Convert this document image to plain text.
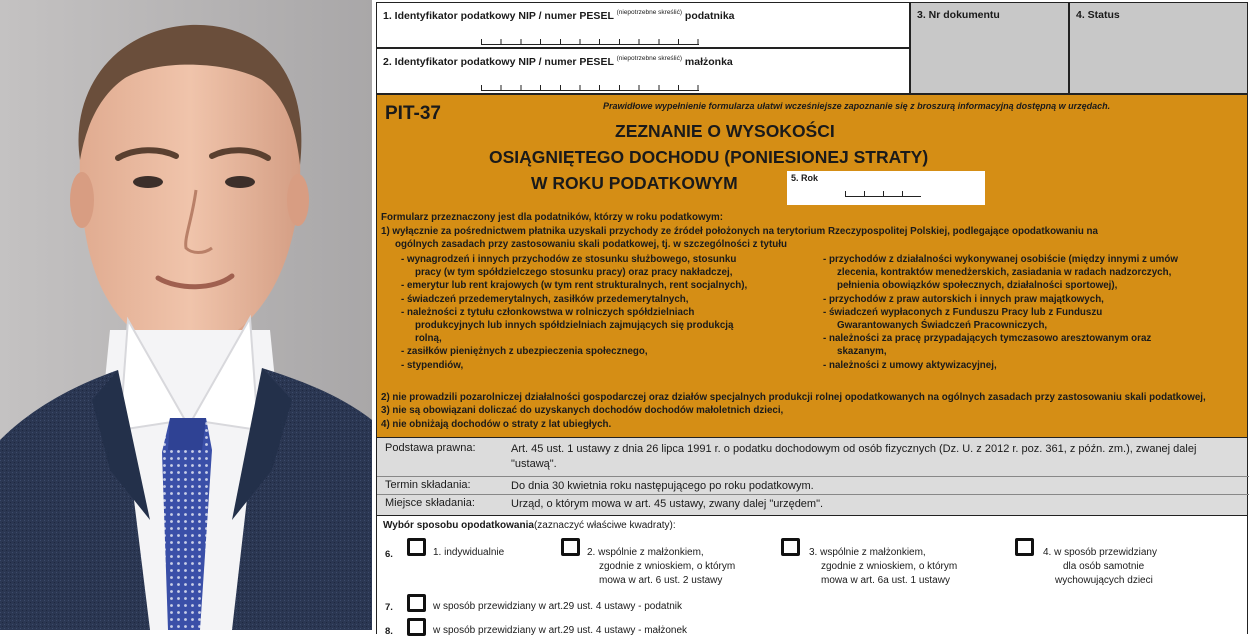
1. Identyfikator podatkowy NIP / numer PESEL $^{(niepotrzebne skreślić)}$ podatnika
2. Identyfikator podatkowy NIP / numer PESEL $^{(niepotrzebne skreślić)}$ małżonka
3. Nr dokumentu	4. Status
PIT-37	Prawidłowe wypełnienie formularza ułatwi wcześniejsze zapoznanie się z broszurą informacyjną dostępną w urzędach.
ZEZNANIE O WYSOKOŚCI
OSIĄGNIĘTEGO DOCHODU (PONIESIONEJ STRATY)
W ROKU PODATKOWYM	5. Rok
Formularz przeznaczony jest dla podatników, którzy w roku podatkowym:
1) wyłącznie za pośrednictwem płatnika uzyskali przychody ze źródeł położonych na terytorium Rzeczypospolitej Polskiej, podlegające opodatkowaniu na
ogólnych zasadach przy zastosowaniu skali podatkowej, tj. w szczególności z tytułu
- wynagrodzeń i innych przychodów ze stosunku służbowego, stosunku
pracy (w tym spółdzielczego stosunku pracy) oraz pracy nakładczej,
- emerytur lub rent krajowych (w tym rent strukturalnych, rent socjalnych),
- świadczeń przedemerytalnych, zasiłków przedemerytalnych,
- należności z tytułu członkowstwa w rolniczych spółdzielniach
produkcyjnych lub innych spółdzielniach zajmujących się produkcją
rolną,
- zasiłków pieniężnych z ubezpieczenia społecznego,
- stypendiów,
- przychodów z działalności wykonywanej osobiście (między innymi z umów
zlecenia, kontraktów menedżerskich, zasiadania w radach nadzorczych,
pełnienia obowiązków społecznych, działalności sportowej),
- przychodów z praw autorskich i innych praw majątkowych,
- świadczeń wypłaconych z Funduszu Pracy lub z Funduszu
Gwarantowanych Świadczeń Pracowniczych,
- należności za pracę przypadających tymczasowo aresztowanym oraz
skazanym,
- należności z umowy aktywizacyjnej,
2) nie prowadzili pozarolniczej działalności gospodarczej oraz działów specjalnych produkcji rolnej opodatkowanych na ogólnych zasadach przy zastosowaniu skali podatkowej,
3) nie są obowiązani doliczać do uzyskanych dochodów dochodów małoletnich dzieci,
4) nie obniżają dochodów o straty z lat ubiegłych.
Podstawa prawna:	Art. 45 ust. 1 ustawy z dnia 26 lipca 1991 r. o podatku dochodowym od osób fizycznych (Dz. U. z 2012 r. poz. 361, z późn. zm.), zwanej dalej "ustawą".
Termin składania:	Do dnia 30 kwietnia roku następującego po roku podatkowym.
Miejsce składania:	Urząd, o którym mowa w art. 45 ustawy, zwany dalej "urzędem".
Wybór sposobu opodatkowania(zaznaczyć właściwe kwadraty):
6.	1. indywidualnie	2. wspólnie z małżonkiem,
zgodnie z wnioskiem, o którym
mowa w art. 6 ust. 2 ustawy
3. wspólnie z małżonkiem,
zgodnie z wnioskiem, o którym
mowa w art. 6a ust. 1 ustawy
4. w sposób przewidziany
dla osób samotnie
wychowujących dzieci
7.	w sposób przewidziany w art.29 ust. 4 ustawy - podatnik
8.	w sposób przewidziany w art.29 ust. 4 ustawy - małżonek
